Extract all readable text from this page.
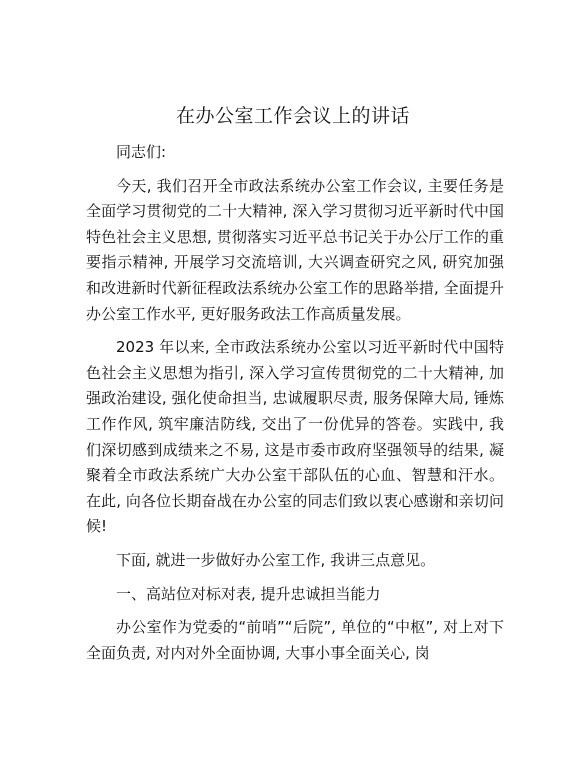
在办公室工作会议上的讲话

同志们:

今天, 我们召开全市政法系统办公室工作会议, 主要任务是全面学习贯彻党的二十大精神, 深入学习贯彻习近平新时代中国特色社会主义思想, 贯彻落实习近平总书记关于办公厅工作的重要指示精神, 开展学习交流培训, 大兴调查研究之风, 研究加强和改进新时代新征程政法系统办公室工作的思路举措, 全面提升办公室工作水平, 更好服务政法工作高质量发展。

2023 年以来, 全市政法系统办公室以习近平新时代中国特色社会主义思想为指引, 深入学习宣传贯彻党的二十大精神, 加强政治建设, 强化使命担当, 忠诚履职尽责, 服务保障大局, 锤炼工作作风, 筑牢廉洁防线, 交出了一份优异的答卷。实践中, 我们深切感到成绩来之不易, 这是市委市政府坚强领导的结果, 凝聚着全市政法系统广大办公室干部队伍的心血、智慧和汗水。在此, 向各位长期奋战在办公室的同志们致以衷心感谢和亲切问候!

下面, 就进一步做好办公室工作, 我讲三点意见。

一、高站位对标对表, 提升忠诚担当能力

办公室作为党委的“前哨”“后院”, 单位的“中枢”, 对上对下全面负责, 对内对外全面协调, 大事小事全面关心, 岗
